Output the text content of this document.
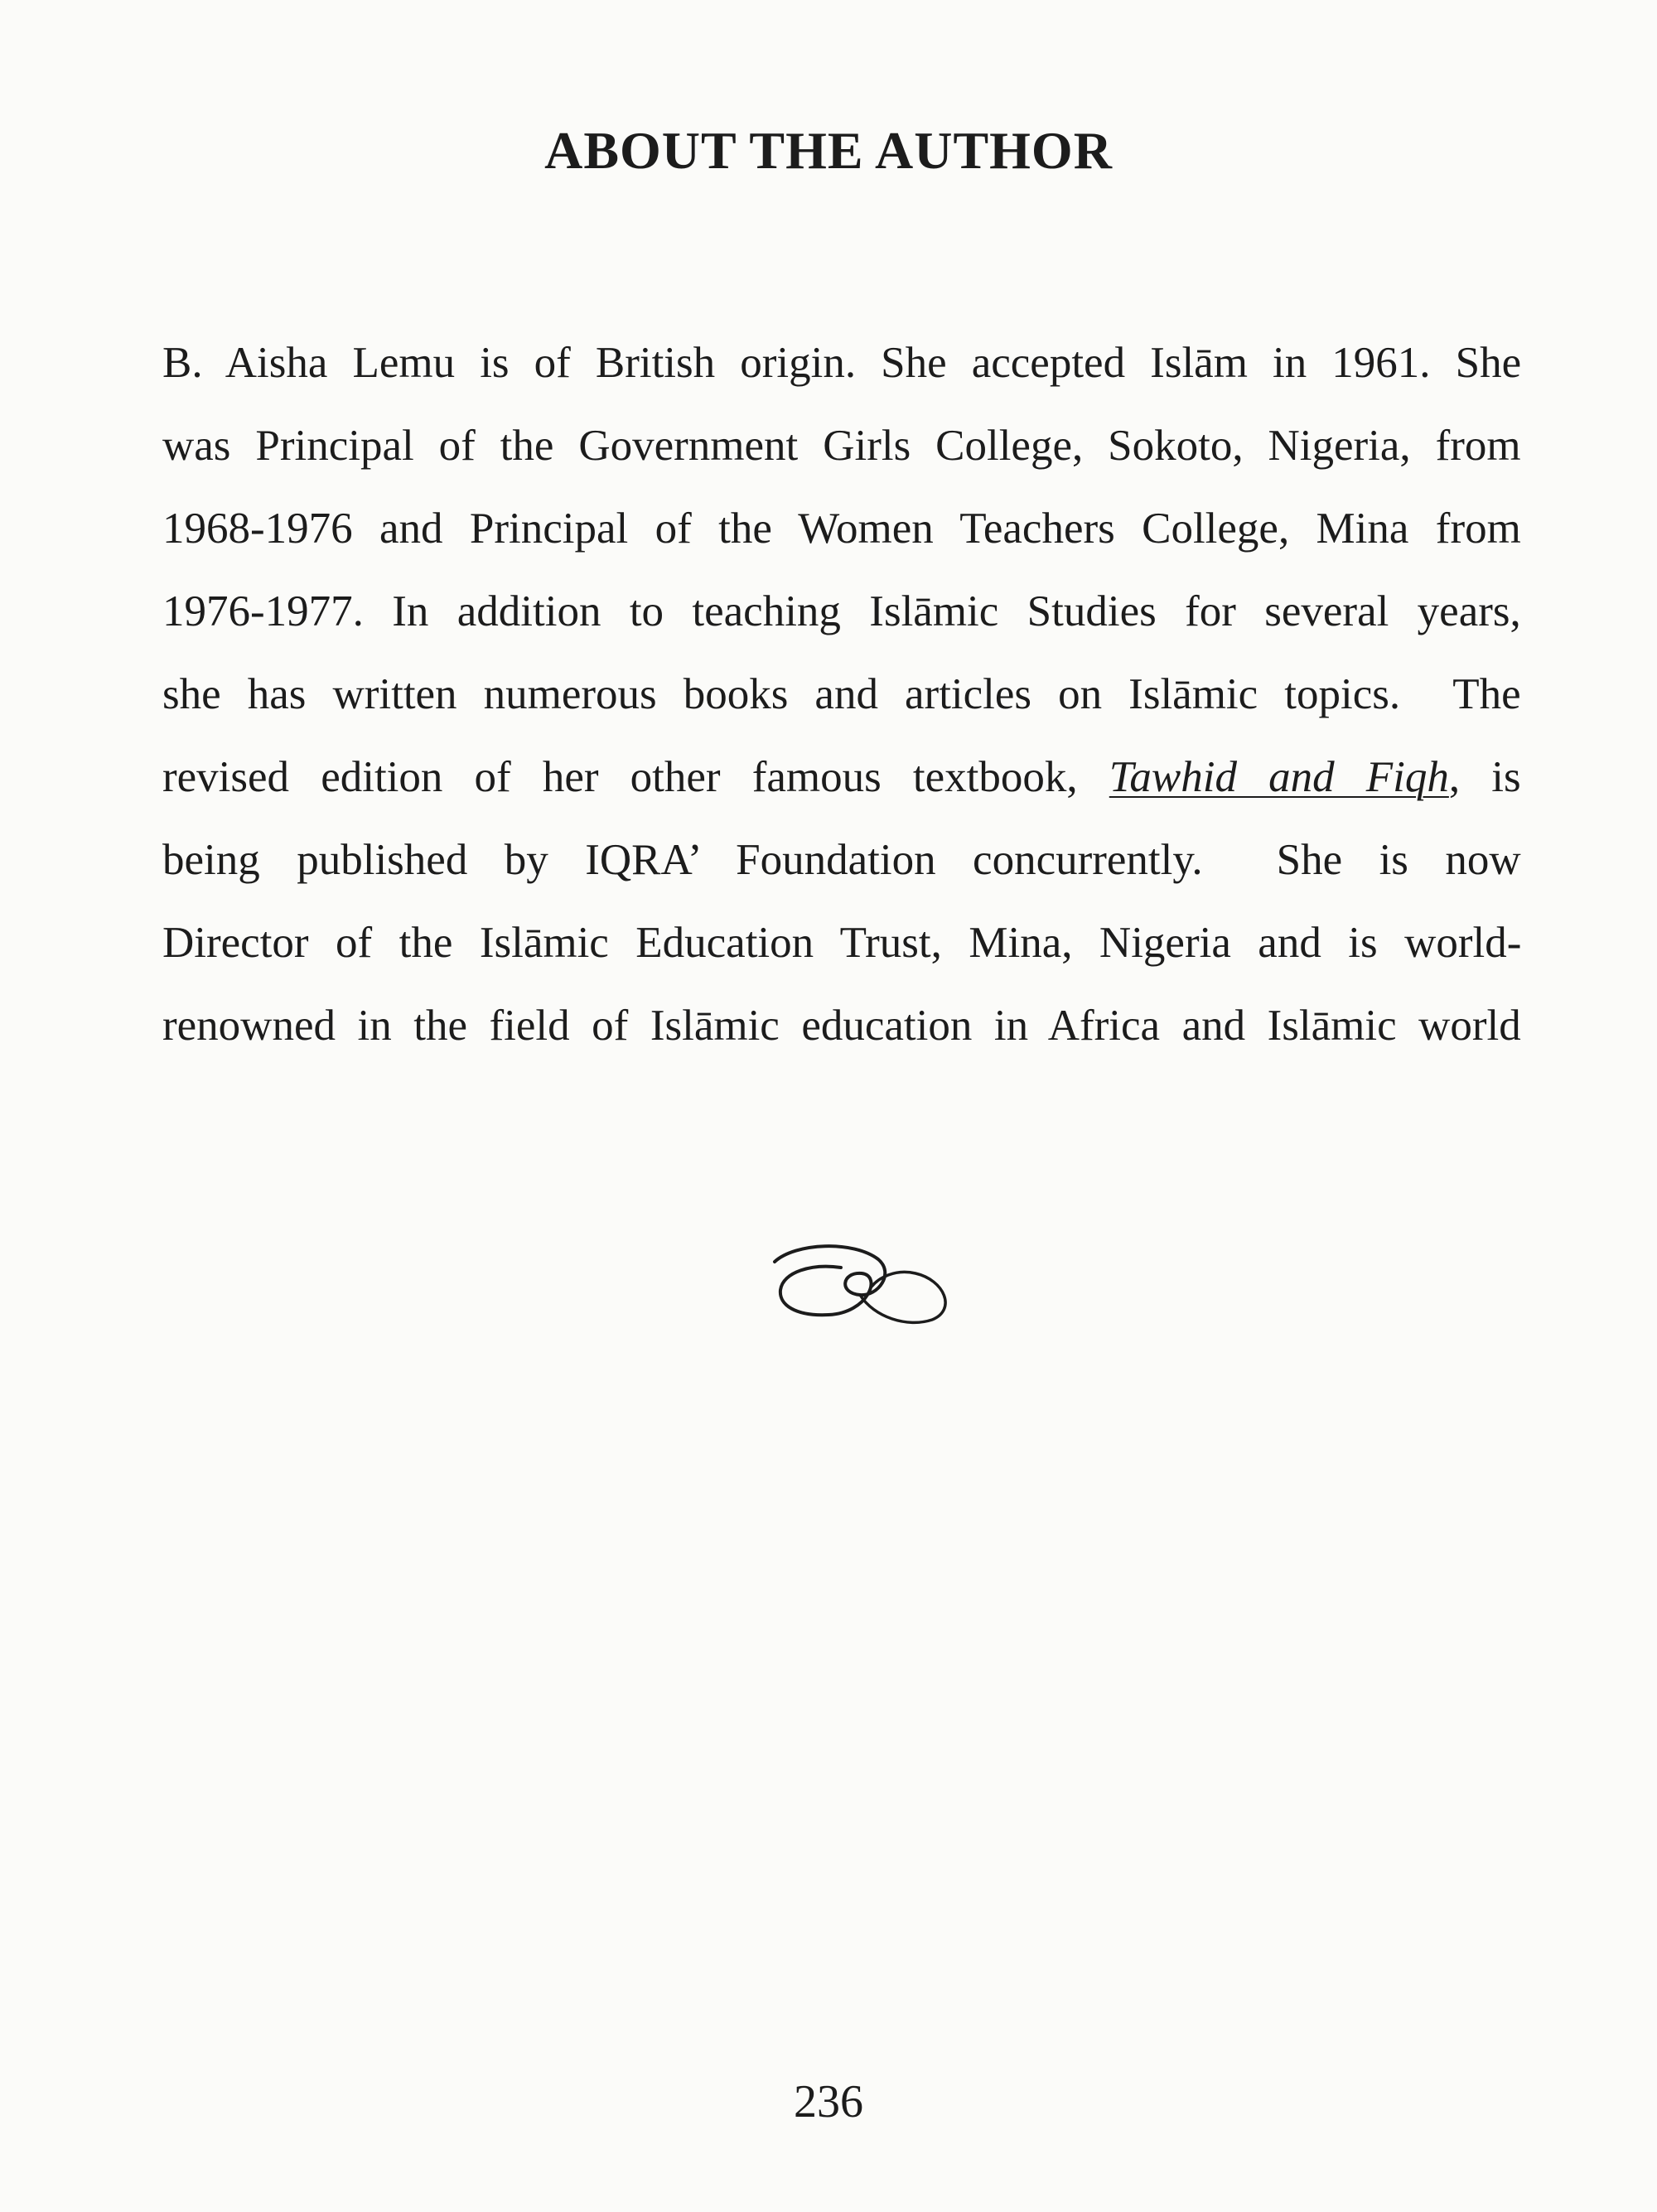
ABOUT THE AUTHOR
B. Aisha Lemu is of British origin. She accepted Islām in 1961. She
was Principal of the Government Girls College, Sokoto, Nigeria, from
1968-1976 and Principal of the Women Teachers College, Mina from
1976-1977. In addition to teaching Islāmic Studies for several years,
she has written numerous books and articles on Islāmic topics.  The
revised edition of her other famous textbook, Tawhid and Fiqh, is
being published by IQRA’ Foundation concurrently.  She is now
Director of the Islāmic Education Trust, Mina, Nigeria and is world-
renowned in the field of Islāmic education in Africa and Islāmic world

236
